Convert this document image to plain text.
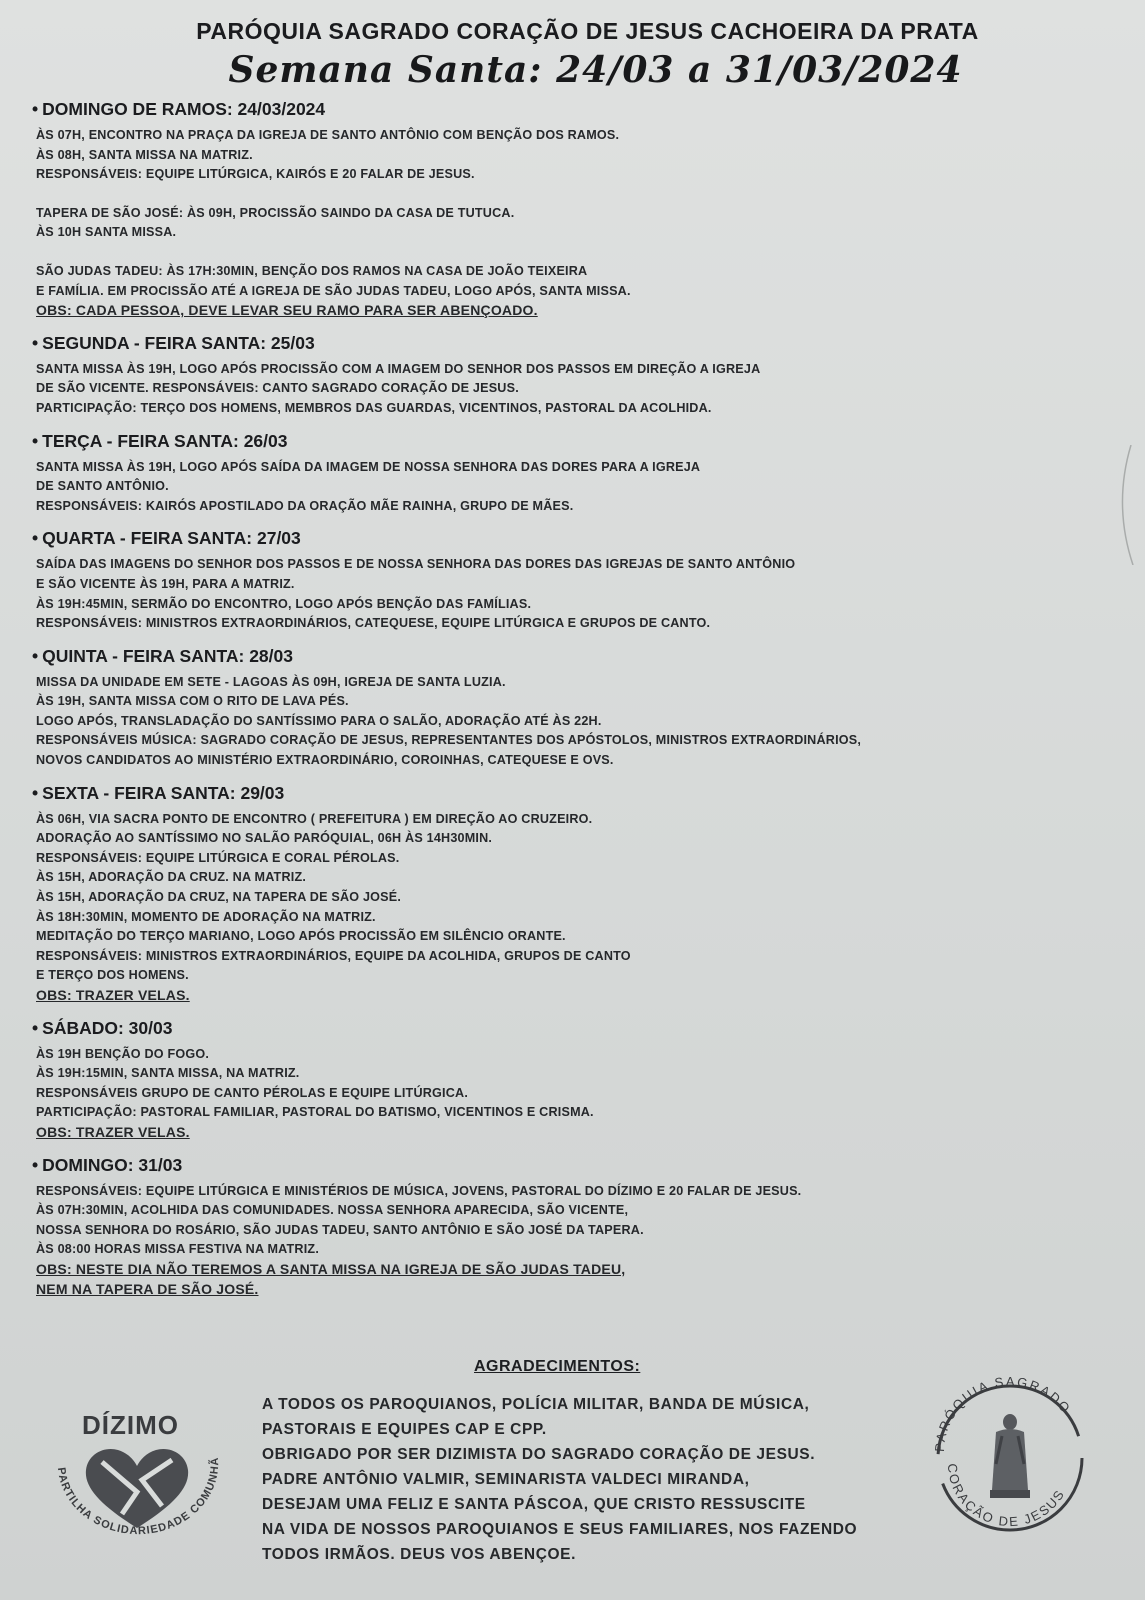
PARÓQUIA SAGRADO CORAÇÃO DE JESUS CACHOEIRA DA PRATA
Semana Santa: 24/03 a 31/03/2024
• DOMINGO DE RAMOS: 24/03/2024

ÀS 07H, ENCONTRO NA PRAÇA DA IGREJA DE SANTO ANTÔNIO COM BENÇÃO DOS RAMOS.

ÀS 08H, SANTA MISSA NA MATRIZ.

RESPONSÁVEIS: EQUIPE LITÚRGICA, KAIRÓS E 20 FALAR DE JESUS.

TAPERA DE SÃO JOSÉ: ÀS 09H, PROCISSÃO SAINDO DA CASA DE TUTUCA.

ÀS 10H SANTA MISSA.

SÃO JUDAS TADEU: ÀS 17H:30MIN, BENÇÃO DOS RAMOS NA CASA DE JOÃO TEIXEIRA

E FAMÍLIA. EM PROCISSÃO ATÉ A IGREJA DE SÃO JUDAS TADEU, LOGO APÓS, SANTA MISSA.

OBS: CADA PESSOA, DEVE LEVAR SEU RAMO PARA SER ABENÇOADO.

• SEGUNDA - FEIRA SANTA: 25/03

SANTA MISSA ÀS 19H, LOGO APÓS PROCISSÃO COM A IMAGEM DO SENHOR DOS PASSOS EM DIREÇÃO A IGREJA

DE SÃO VICENTE. RESPONSÁVEIS: CANTO SAGRADO CORAÇÃO DE JESUS.

PARTICIPAÇÃO: TERÇO DOS HOMENS, MEMBROS DAS GUARDAS, VICENTINOS, PASTORAL DA ACOLHIDA.

• TERÇA - FEIRA SANTA: 26/03

SANTA MISSA ÀS 19H, LOGO APÓS SAÍDA DA IMAGEM DE NOSSA SENHORA DAS DORES PARA A IGREJA

DE SANTO ANTÔNIO.

RESPONSÁVEIS: KAIRÓS APOSTILADO DA ORAÇÃO MÃE RAINHA, GRUPO DE MÃES.

• QUARTA - FEIRA SANTA: 27/03

SAÍDA DAS IMAGENS DO SENHOR DOS PASSOS E DE NOSSA SENHORA DAS DORES DAS IGREJAS DE SANTO ANTÔNIO

E SÃO VICENTE ÀS 19H, PARA A MATRIZ.

ÀS 19H:45MIN, SERMÃO DO ENCONTRO, LOGO APÓS BENÇÃO DAS FAMÍLIAS.

RESPONSÁVEIS: MINISTROS EXTRAORDINÁRIOS, CATEQUESE, EQUIPE LITÚRGICA E GRUPOS DE CANTO.

• QUINTA - FEIRA SANTA: 28/03

MISSA DA UNIDADE EM SETE - LAGOAS ÀS 09H, IGREJA DE SANTA LUZIA.

ÀS 19H, SANTA MISSA COM O RITO DE LAVA PÉS.

LOGO APÓS, TRANSLADAÇÃO DO SANTÍSSIMO PARA O SALÃO, ADORAÇÃO ATÉ ÀS 22H.

RESPONSÁVEIS MÚSICA: SAGRADO CORAÇÃO DE JESUS, REPRESENTANTES DOS APÓSTOLOS, MINISTROS EXTRAORDINÁRIOS,

NOVOS CANDIDATOS AO MINISTÉRIO EXTRAORDINÁRIO, COROINHAS, CATEQUESE E OVS.

• SEXTA - FEIRA SANTA: 29/03

ÀS 06H, VIA SACRA PONTO DE ENCONTRO ( PREFEITURA ) EM DIREÇÃO AO CRUZEIRO.

ADORAÇÃO AO SANTÍSSIMO NO SALÃO PARÓQUIAL, 06H ÀS 14H30MIN.

RESPONSÁVEIS: EQUIPE LITÚRGICA E CORAL PÉROLAS.

ÀS 15H, ADORAÇÃO DA CRUZ. NA MATRIZ.

ÀS 15H, ADORAÇÃO DA CRUZ, NA TAPERA DE SÃO JOSÉ.

ÀS 18H:30MIN, MOMENTO DE ADORAÇÃO NA MATRIZ.

MEDITAÇÃO DO TERÇO MARIANO, LOGO APÓS PROCISSÃO EM SILÊNCIO ORANTE.

RESPONSÁVEIS: MINISTROS EXTRAORDINÁRIOS, EQUIPE DA ACOLHIDA, GRUPOS DE CANTO

E TERÇO DOS HOMENS.

OBS: TRAZER VELAS.

• SÁBADO: 30/03

ÀS 19H BENÇÃO DO FOGO.

ÀS 19H:15MIN, SANTA MISSA, NA MATRIZ.

RESPONSÁVEIS GRUPO DE CANTO PÉROLAS E EQUIPE LITÚRGICA.

PARTICIPAÇÃO: PASTORAL FAMILIAR, PASTORAL DO BATISMO, VICENTINOS E CRISMA.

OBS: TRAZER VELAS.

• DOMINGO: 31/03

RESPONSÁVEIS: EQUIPE LITÚRGICA E MINISTÉRIOS DE MÚSICA, JOVENS, PASTORAL DO DÍZIMO E 20 FALAR DE JESUS.

ÀS 07H:30MIN, ACOLHIDA DAS COMUNIDADES. NOSSA SENHORA APARECIDA, SÃO VICENTE,

NOSSA SENHORA DO ROSÁRIO, SÃO JUDAS TADEU, SANTO ANTÔNIO E SÃO JOSÉ DA TAPERA.

ÀS 08:00 HORAS MISSA FESTIVA NA MATRIZ.

OBS: NESTE DIA NÃO TEREMOS A SANTA MISSA NA IGREJA DE SÃO JUDAS TADEU,

NEM NA TAPERA DE SÃO JOSÉ.

AGRADECIMENTOS:

A TODOS OS PAROQUIANOS, POLÍCIA MILITAR, BANDA DE MÚSICA,

PASTORAIS E EQUIPES CAP E CPP.

OBRIGADO POR SER DIZIMISTA DO SAGRADO CORAÇÃO DE JESUS.

PADRE ANTÔNIO VALMIR, SEMINARISTA VALDECI MIRANDA,

DESEJAM UMA FELIZ E SANTA PÁSCOA, QUE CRISTO RESSUSCITE

NA VIDA DE NOSSOS PAROQUIANOS E SEUS FAMILIARES, NOS FAZENDO

TODOS IRMÃOS. DEUS VOS ABENÇOE.

DÍZIMO
PARTILHA SOLIDARIEDADE COMUNHÃ
PARÓQUIA SAGRADO
CORAÇÃO DE JESUS
